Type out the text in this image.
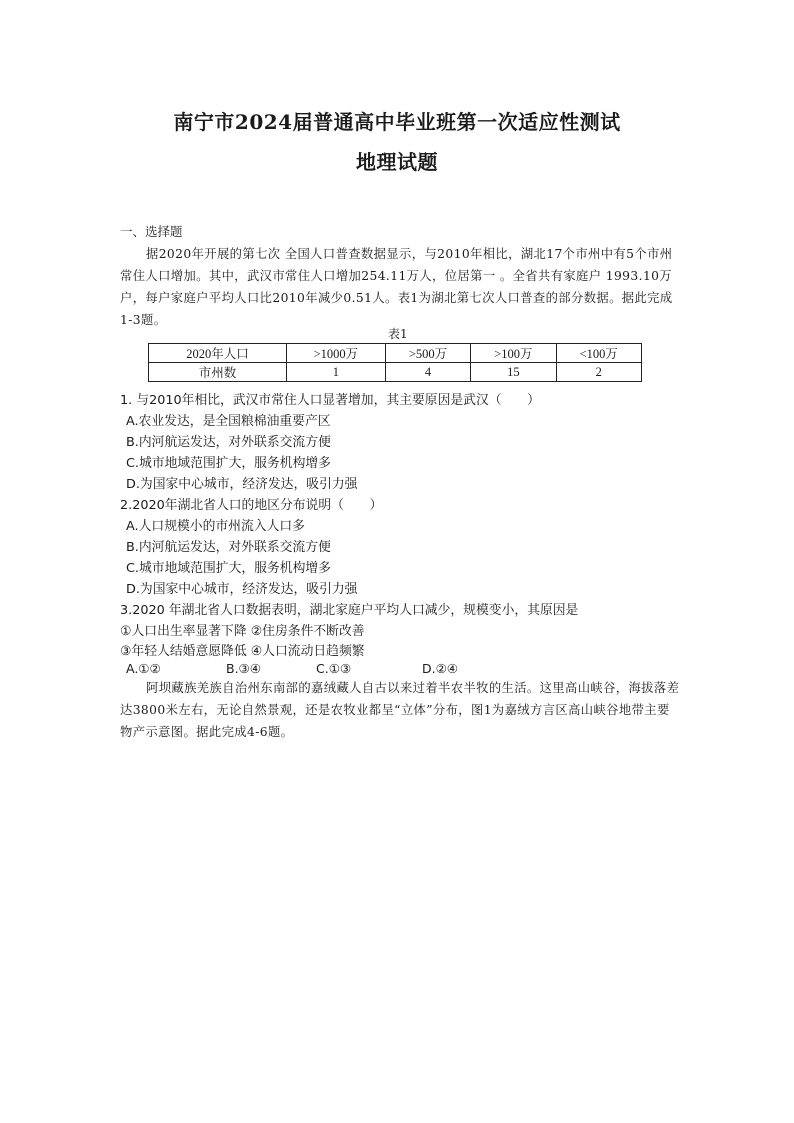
南宁市2024届普通高中毕业班第一次适应性测试
地理试题
一、选择题

据2020年开展的第七次 全国人口普查数据显示，与2010年相比，湖北17个市州中有5个市州常住人口增加。其中，武汉市常住人口增加254.11万人，位居第一 。全省共有家庭户 1993.10万 户，每户家庭户平均人口比2010年减少0.51人。表1为湖北第七次人口普查的部分数据。据此完成1-3题。

表1
2020年人口	>1000万	>500万	>100万	<100万
市州数	1	4	15	2
1. 与2010年相比，武汉市常住人口显著增加，其主要原因是武汉（　　）
A.农业发达，是全国粮棉油重要产区
B.内河航运发达，对外联系交流方便
C.城市地域范围扩大，服务机构增多
D.为国家中心城市，经济发达，吸引力强
2.2020年湖北省人口的地区分布说明（　　）
A.人口规模小的市州流入人口多
B.内河航运发达，对外联系交流方便
C.城市地域范围扩大，服务机构增多
D.为国家中心城市，经济发达，吸引力强
3.2020 年湖北省人口数据表明，湖北家庭户平均人口减少，规模变小，其原因是
①人口出生率显著下降 ②住房条件不断改善
③年轻人结婚意愿降低 ④人口流动日趋频繁
A.①②	B.③④	C.①③	D.②④

阿坝藏族羌族自治州东南部的嘉绒藏人自古以来过着半农半牧的生活。这里高山峡谷，海拔落差达3800米左右，无论自然景观，还是农牧业都呈“立体”分布，图1为嘉绒方言区高山峡谷地带主要物产示意图。据此完成4-6题。
